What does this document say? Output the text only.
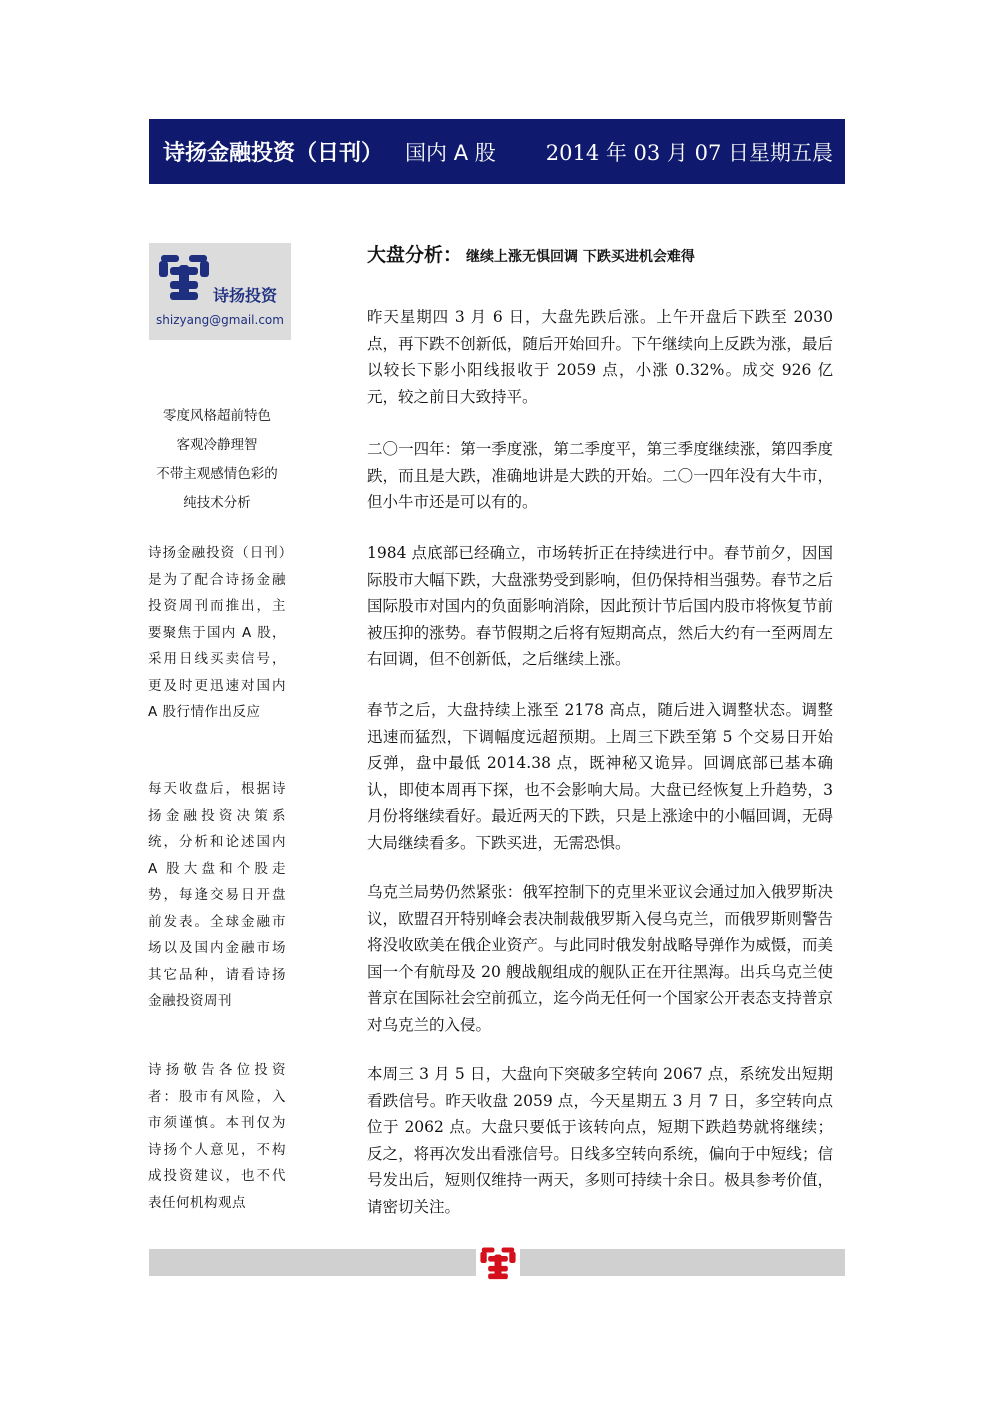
诗扬金融投资（日刊） 国内 A 股 2014 年 03 月 07 日星期五晨
诗扬投资
shizyang@gmail.com
零度风格超前特色
客观冷静理智
不带主观感情色彩的
纯技术分析
诗扬金融投资（日刊）是为了配合诗扬金融投资周刊而推出，主要聚焦于国内 A 股，采用日线买卖信号，更及时更迅速对国内 A 股行情作出反应
每天收盘后，根据诗扬金融投资决策系统，分析和论述国内 A 股大盘和个股走势，每逢交易日开盘前发表。全球金融市场以及国内金融市场其它品种，请看诗扬金融投资周刊
诗扬敬告各位投资者：股市有风险，入市须谨慎。本刊仅为诗扬个人意见，不构成投资建议，也不代表任何机构观点
大盘分析： 继续上涨无惧回调 下跌买进机会难得
昨天星期四 3 月 6 日，大盘先跌后涨。上午开盘后下跌至 2030 点，再下跌不创新低，随后开始回升。下午继续向上反跌为涨，最后以较长下影小阳线报收于 2059 点，小涨 0.32%。成交 926 亿元，较之前日大致持平。
二〇一四年：第一季度涨，第二季度平，第三季度继续涨，第四季度跌，而且是大跌，准确地讲是大跌的开始。二〇一四年没有大牛市，但小牛市还是可以有的。
1984 点底部已经确立，市场转折正在持续进行中。春节前夕，因国际股市大幅下跌，大盘涨势受到影响，但仍保持相当强势。春节之后国际股市对国内的负面影响消除，因此预计节后国内股市将恢复节前被压抑的涨势。春节假期之后将有短期高点，然后大约有一至两周左右回调，但不创新低，之后继续上涨。
春节之后，大盘持续上涨至 2178 高点，随后进入调整状态。调整迅速而猛烈，下调幅度远超预期。上周三下跌至第 5 个交易日开始反弹，盘中最低 2014.38 点，既神秘又诡异。回调底部已基本确认，即使本周再下探，也不会影响大局。大盘已经恢复上升趋势，3 月份将继续看好。最近两天的下跌，只是上涨途中的小幅回调，无碍大局继续看多。下跌买进，无需恐惧。
乌克兰局势仍然紧张：俄军控制下的克里米亚议会通过加入俄罗斯决议，欧盟召开特别峰会表决制裁俄罗斯入侵乌克兰，而俄罗斯则警告将没收欧美在俄企业资产。与此同时俄发射战略导弹作为威慑，而美国一个有航母及 20 艘战舰组成的舰队正在开往黑海。出兵乌克兰使普京在国际社会空前孤立，迄今尚无任何一个国家公开表态支持普京对乌克兰的入侵。
本周三 3 月 5 日，大盘向下突破多空转向 2067 点，系统发出短期看跌信号。昨天收盘 2059 点，今天星期五 3 月 7 日，多空转向点位于 2062 点。大盘只要低于该转向点，短期下跌趋势就将继续；反之，将再次发出看涨信号。日线多空转向系统，偏向于中短线；信号发出后，短则仅维持一两天，多则可持续十余日。极具参考价值，请密切关注。
